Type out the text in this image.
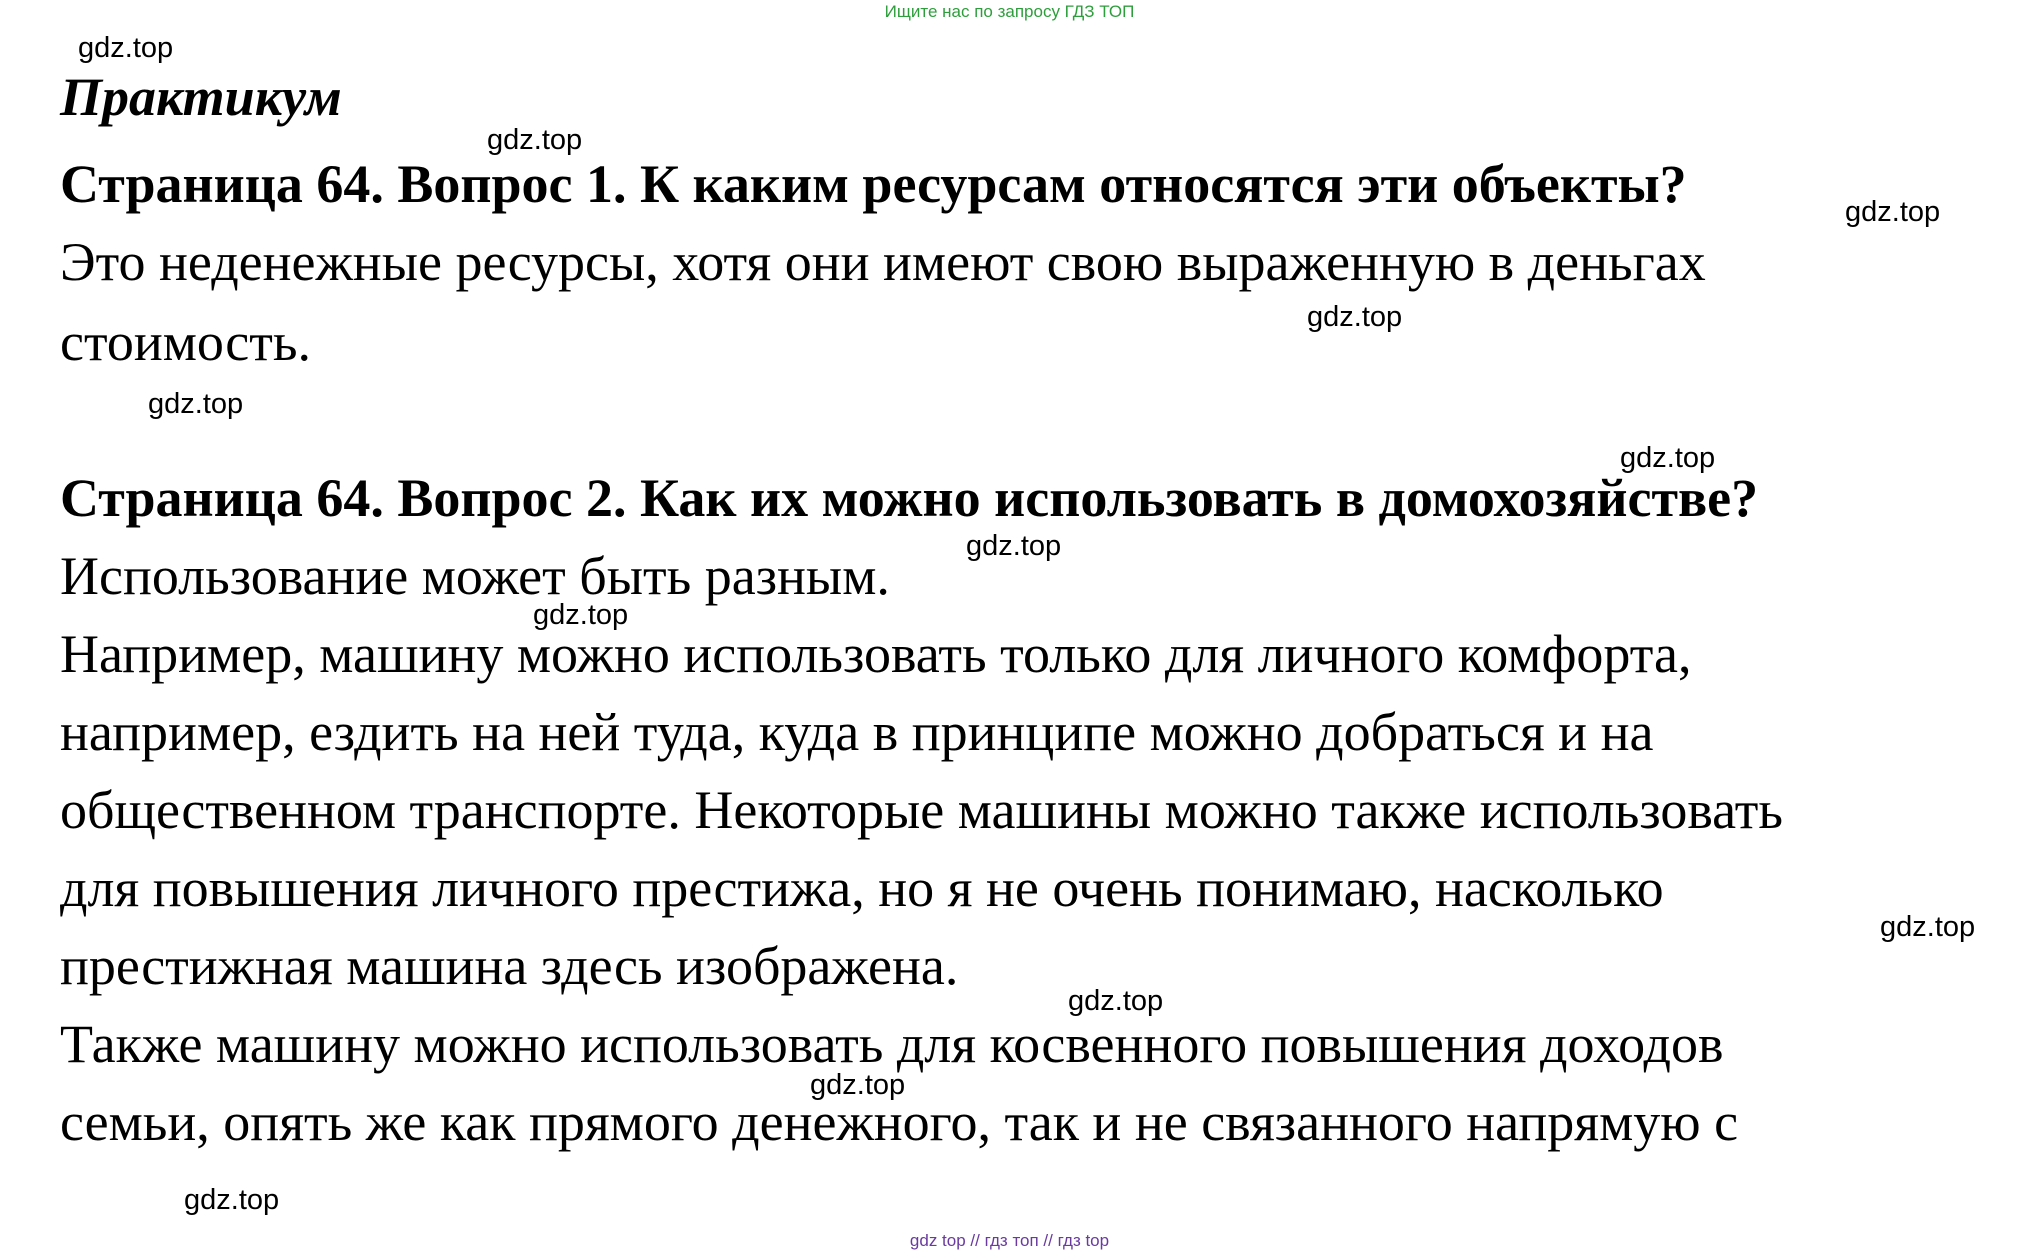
Ищите нас по запросу ГДЗ ТОП
gdz.top
gdz.top
gdz.top
gdz.top
gdz.top
gdz.top
gdz.top
gdz.top
gdz.top
gdz.top
gdz.top
gdz.top
Практикум
Страница 64. Вопрос 1. К каким ресурсам относятся эти объекты?
Это неденежные ресурсы, хотя они имеют свою выраженную в деньгах
стоимость.
Страница 64. Вопрос 2. Как их можно использовать в домохозяйстве?
Использование может быть разным.
Например, машину можно использовать только для личного комфорта,
например, ездить на ней туда, куда в принципе можно добраться и на
общественном транспорте. Некоторые машины можно также использовать
для повышения личного престижа, но я не очень понимаю, насколько
престижная машина здесь изображена.
Также машину можно использовать для косвенного повышения доходов
семьи, опять же как прямого денежного, так и не связанного напрямую с
gdz top // гдз топ // гдз top
